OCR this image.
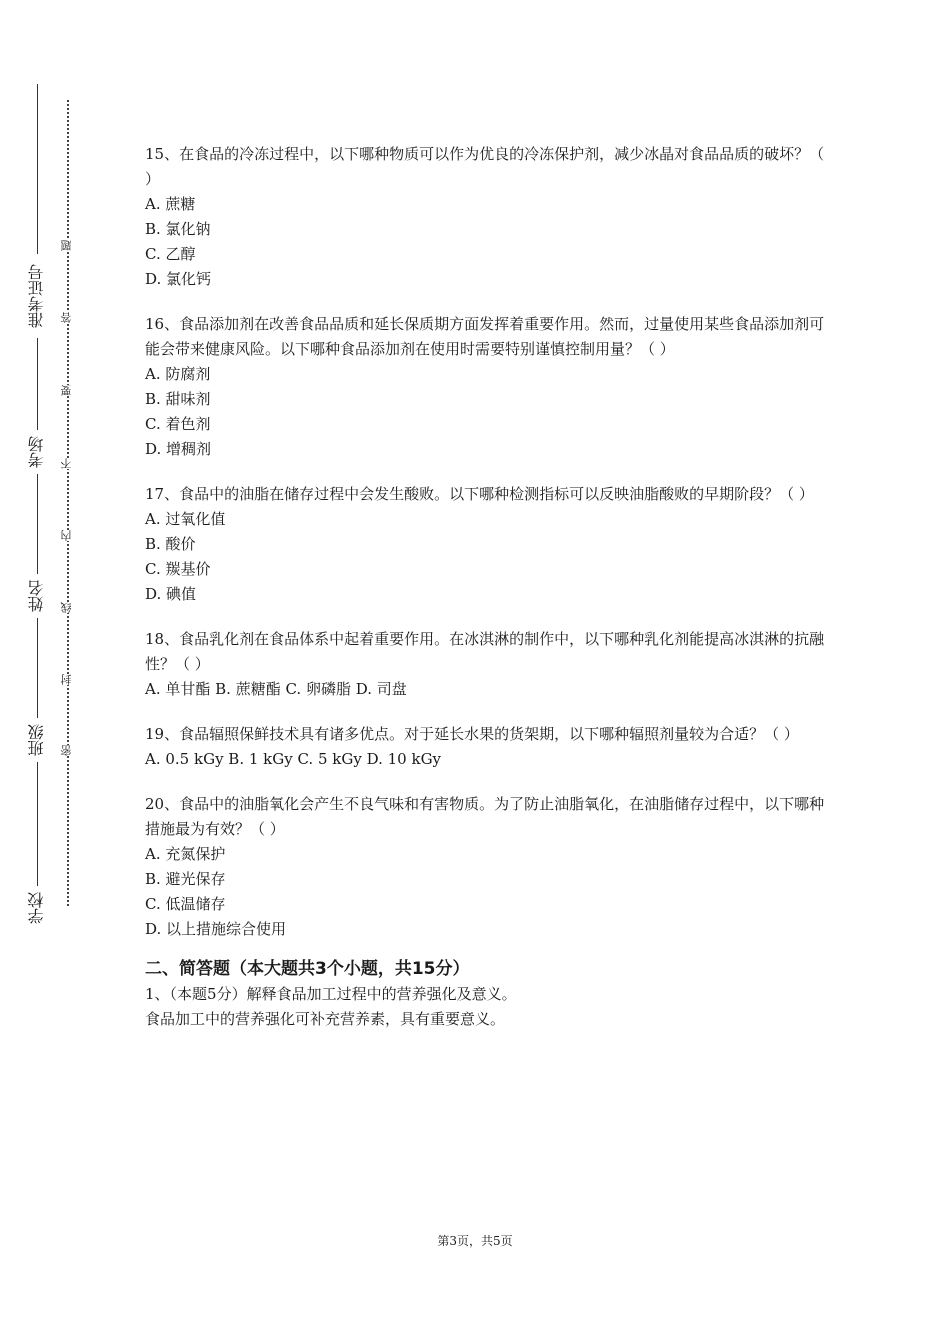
准考证号
考场
姓名
班级
学校
题
答
要
不
内
线
封
密
15、在食品的冷冻过程中，以下哪种物质可以作为优良的冷冻保护剂，减少冰晶对食品品质的破坏？（ ）
A. 蔗糖
B. 氯化钠
C. 乙醇
D. 氯化钙
16、食品添加剂在改善食品品质和延长保质期方面发挥着重要作用。然而，过量使用某些食品添加剂可能会带来健康风险。以下哪种食品添加剂在使用时需要特别谨慎控制用量？（ ）
A. 防腐剂
B. 甜味剂
C. 着色剂
D. 增稠剂
17、食品中的油脂在储存过程中会发生酸败。以下哪种检测指标可以反映油脂酸败的早期阶段？（ ）
A. 过氧化值
B. 酸价
C. 羰基价
D. 碘值
18、食品乳化剂在食品体系中起着重要作用。在冰淇淋的制作中，以下哪种乳化剂能提高冰淇淋的抗融性？（ ）
A. 单甘酯 B. 蔗糖酯 C. 卵磷脂 D. 司盘
19、食品辐照保鲜技术具有诸多优点。对于延长水果的货架期，以下哪种辐照剂量较为合适？（ ）
A. 0.5 kGy B. 1 kGy C. 5 kGy D. 10 kGy
20、食品中的油脂氧化会产生不良气味和有害物质。为了防止油脂氧化，在油脂储存过程中，以下哪种措施最为有效？（ ）
A. 充氮保护
B. 避光保存
C. 低温储存
D. 以上措施综合使用
二、简答题（本大题共3个小题，共15分）
1、（本题5分）解释食品加工过程中的营养强化及意义。
食品加工中的营养强化可补充营养素，具有重要意义。
第3页，共5页
